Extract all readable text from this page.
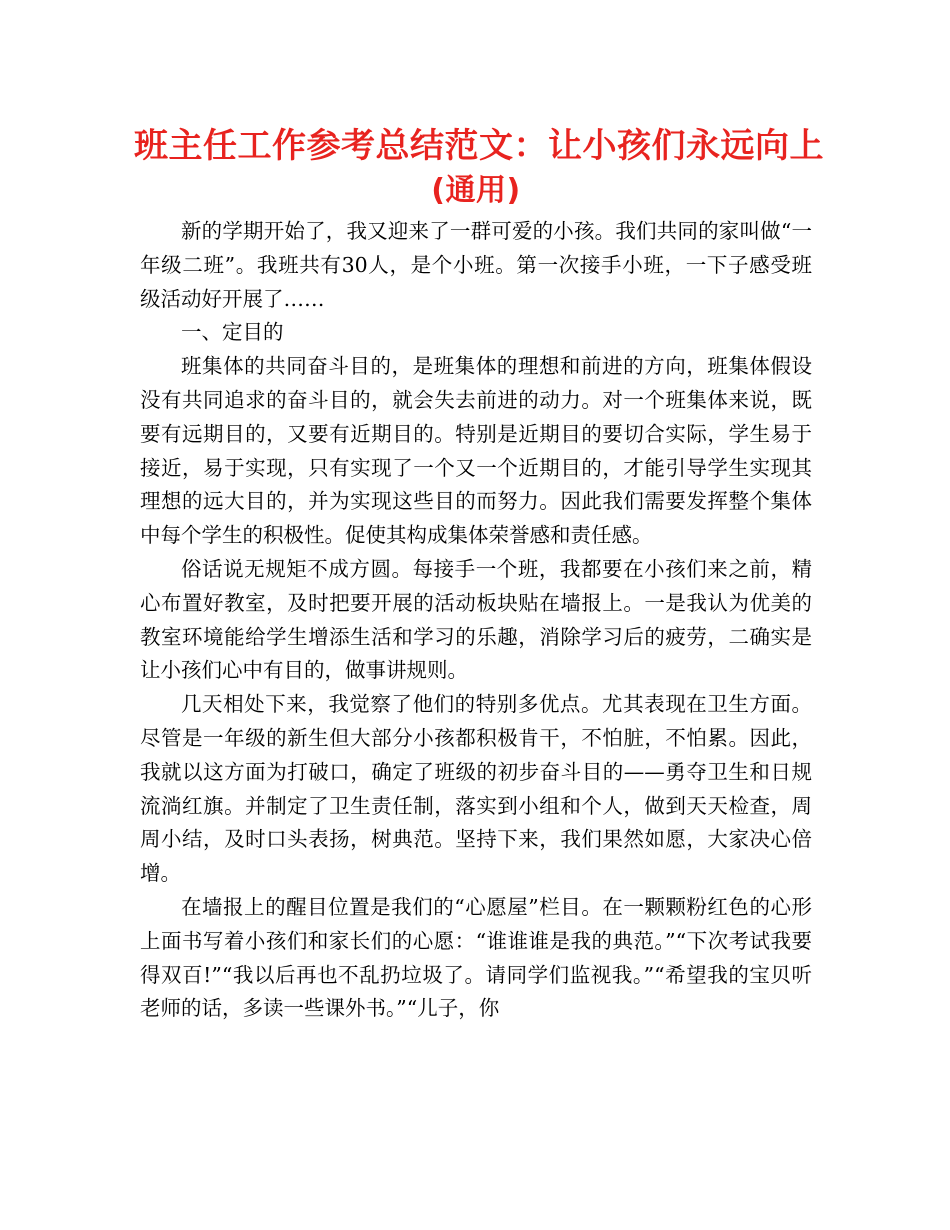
班主任工作参考总结范文：让小孩们永远向上
(通用)

新的学期开始了，我又迎来了一群可爱的小孩。我们共同的家叫做“一年级二班”。我班共有30人，是个小班。第一次接手小班，一下子感受班级活动好开展了……

一、定目的

班集体的共同奋斗目的，是班集体的理想和前进的方向，班集体假设没有共同追求的奋斗目的，就会失去前进的动力。对一个班集体来说，既要有远期目的，又要有近期目的。特别是近期目的要切合实际，学生易于接近，易于实现，只有实现了一个又一个近期目的，才能引导学生实现其理想的远大目的，并为实现这些目的而努力。因此我们需要发挥整个集体中每个学生的积极性。促使其构成集体荣誉感和责任感。

俗话说无规矩不成方圆。每接手一个班，我都要在小孩们来之前，精心布置好教室，及时把要开展的活动板块贴在墙报上。一是我认为优美的教室环境能给学生增添生活和学习的乐趣，消除学习后的疲劳，二确实是让小孩们心中有目的，做事讲规则。

几天相处下来，我觉察了他们的特别多优点。尤其表现在卫生方面。尽管是一年级的新生但大部分小孩都积极肯干，不怕脏，不怕累。因此，我就以这方面为打破口，确定了班级的初步奋斗目的——勇夺卫生和日规流淌红旗。并制定了卫生责任制，落实到小组和个人，做到天天检查，周周小结，及时口头表扬，树典范。坚持下来，我们果然如愿，大家决心倍增。

在墙报上的醒目位置是我们的“心愿屋”栏目。在一颗颗粉红色的心形上面书写着小孩们和家长们的心愿：“谁谁谁是我的典范。”“下次考试我要得双百!”“我以后再也不乱扔垃圾了。请同学们监视我。”“希望我的宝贝听老师的话，多读一些课外书。”“儿子，你
